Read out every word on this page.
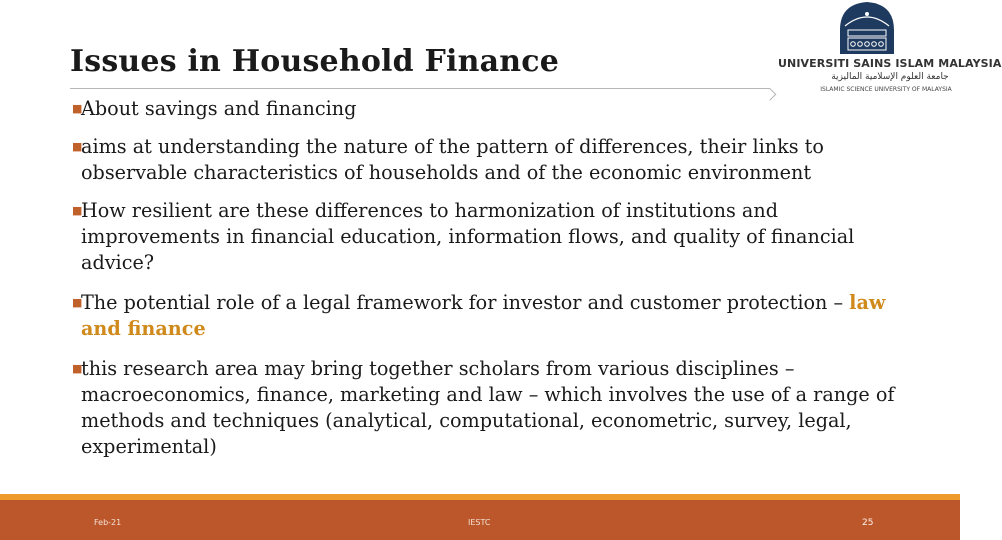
Issues in Household Finance	UNIVERSITI SAINS ISLAM MALAYSIA
جامعة العلوم الإسلامية الماليزية
ISLAMIC SCIENCE UNIVERSITY OF MALAYSIA
■
About savings and financing
■
aims at understanding the nature of the pattern of differences, their links to observable characteristics of households and of the economic environment
■
How resilient are these differences to harmonization of institutions and improvements in financial education, information flows, and quality of financial advice?
■
The potential role of a legal framework for investor and customer protection – law and finance
■
this research area may bring together scholars from various disciplines – macroeconomics, finance, marketing and law – which involves the use of a range of methods and techniques (analytical, computational, econometric, survey, legal, experimental)
Feb-21	IESTC	25
